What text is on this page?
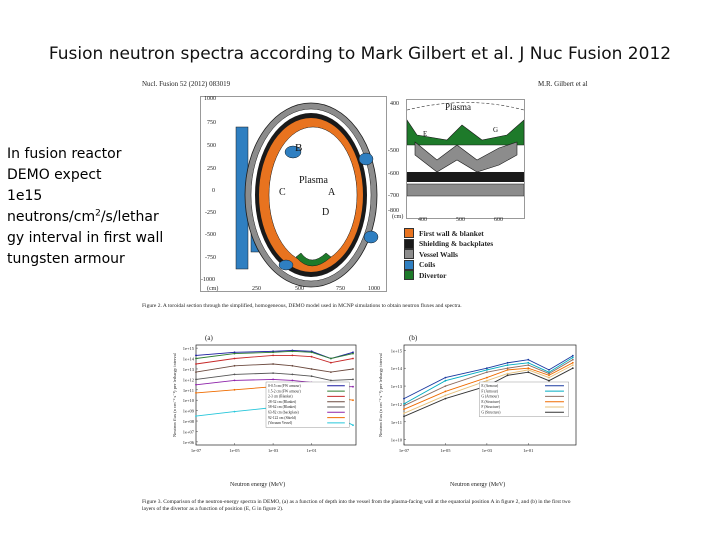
Fusion neutron spectra according to Mark Gilbert et al. J Nuc Fusion 2012
In fusion reactor
DEMO expect
1e15
neutrons/$cm^2/s$/lethar
gy interval in first wall
tungsten armour
Nucl. Fusion 52 (2012) 083019	M.R. Gilbert et al
B
Plasma
C	A
D
1000
750
500
250
0
-250
-500
-750
-1000
(cm)	250	500	750	1000
Plasma
E	G
400
-500
-600
-700
-800
(cm) 400	500	600
First wall & blanket
Shielding & backplates
Vessel Walls
Coils
Divertor
Figure 2. A toroidal section through the simplified, homogeneous, DEMO model used in MCNP simulations to obtain neutron fluxes and spectra.
(a)	(b)
1e+06
1e+07
1e+08
1e+09
1e+10
1e+11
1e+12
1e+13
1e+14
1e+15
1e-07	1e-05	1e-03	1e-01
Neutron flux (n cm⁻² s⁻¹) per lethargy interval	0-0.5 cm (FW armour)
1.5-2 cm (FW armour)
2-3 cm (Blanket)
28-32 cm (Blanket)
58-62 cm (Blanket)
63-82 cm (backplate)
92-122 cm (Shield)
(Vacuum Vessel)
1e+10
1e+11
1e+12
1e+13
1e+14
1e+15
1e-07	1e-05	1e-03	1e-01
Neutron flux (n cm⁻² s⁻¹) per lethargy interval	E (Armour)
F (Armour)
G (Armour)
E (Structure)
F (Structure)
G (Structure)
Neutron energy (MeV)	Neutron energy (MeV)
Figure 3. Comparison of the neutron-energy spectra in DEMO, (a) as a function of depth into the vessel from the plasma-facing wall at the equatorial position A in figure 2, and (b) in the first two layers of the divertor as a function of position (E, G in figure 2).
